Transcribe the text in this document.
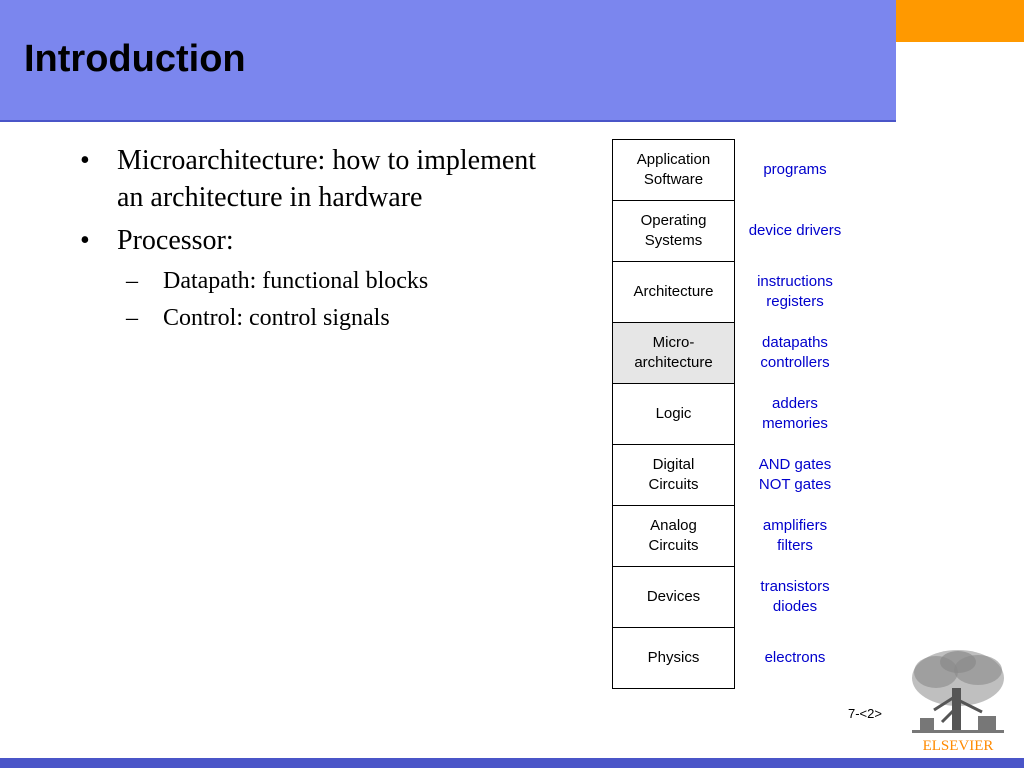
Introduction
• Microarchitecture: how to implement an architecture in hardware
• Processor:
– Datapath: functional blocks
– Control: control signals
Application
Software
Operating
Systems
Architecture
Micro-
architecture
Logic
Digital
Circuits
Analog
Circuits
Devices
Physics
programs
device drivers
instructions
registers
datapaths
controllers
adders
memories
AND gates
NOT gates
amplifiers
filters
transistors
diodes
electrons
7-<2>
ELSEVIER
